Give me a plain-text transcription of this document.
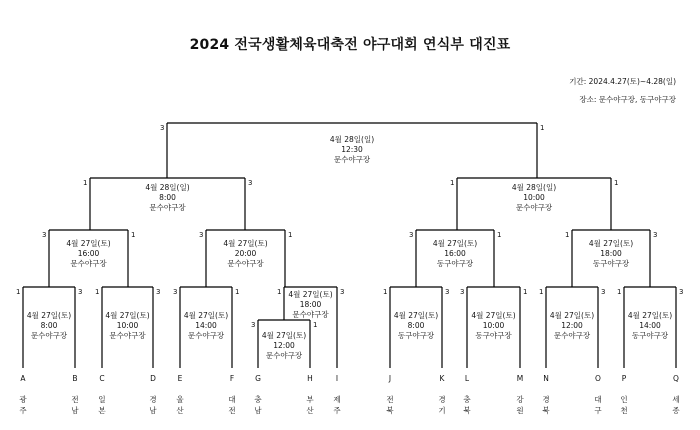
2024 전국생활체육대축전 야구대회 연식부 대진표
기간: 2024.4.27(토)~4.28(일)
장소: 문수야구장, 동구야구장
4월 28일(일)
12:30
문수야구장
3	1
4월 28일(일)
8:00
문수야구장
1	3	4월 28일(일)
10:00
문수야구장
1	1
4월 27일(토)
16:00
문수야구장
3	1
4월 27일(토)
20:00
문수야구장
3	1
4월 27일(토)
16:00
동구야구장
3	1
4월 27일(토)
18:00
동구야구장
1	3
4월 27일(토)
8:00
문수야구장
1	3
4월 27일(토)
10:00
문수야구장
1	3
4월 27일(토)
14:00
문수야구장
3	1	4월 27일(토)
18:00
문수야구장
1	3
4월 27일(토)
12:00
문수야구장
3	1
4월 27일(토)
8:00
동구야구장
1	3
4월 27일(토)
10:00
동구야구장
3	1
4월 27일(토)
12:00
문수야구장
1	3
4월 27일(토)
14:00
동구야구장
1	3
A
광
주
B
전
남
C
일
본
D
경
남
E
울
산
F
대
전
G
충
남
H
부
산
I
제
주
J
전
북
K
경
기
L
충
북
M
강
원
N
경
북
O
대
구
P
인
천
Q
세
종
